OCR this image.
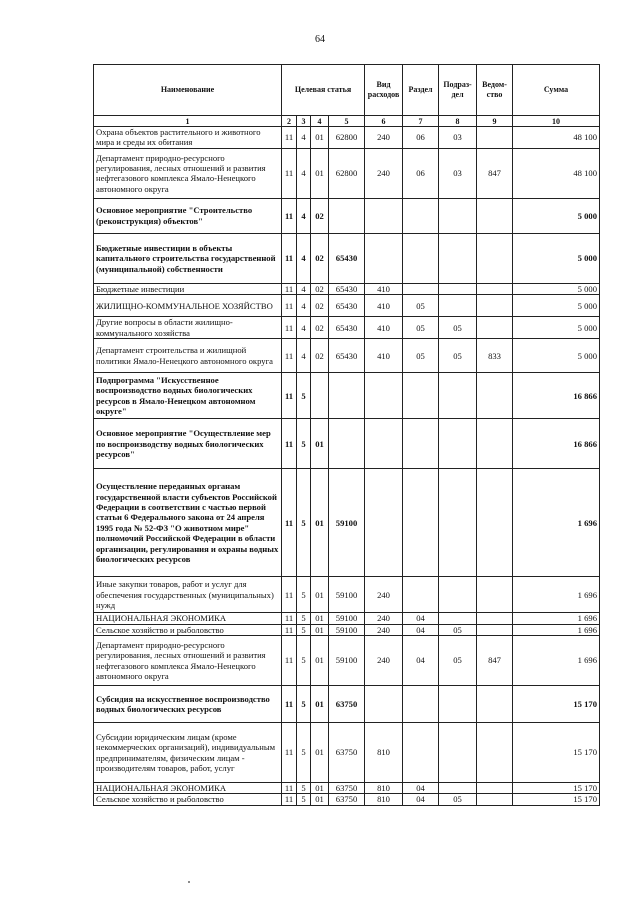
64
Наименование	Целевая статья				Вид расходов	Раздел	Подраз-дел	Ведом-ство	Сумма
1	2	3	4	5	6	7	8	9	10
Охрана объектов растительного и животного мира и среды их обитания	11	4	01	62800	240	06	03		48 100
Департамент природно-ресурсного регулирования, лесных отношений и развития нефтегазового комплекса Ямало-Ненецкого автономного округа	11	4	01	62800	240	06	03	847	48 100
Основное мероприятие "Строительство (реконструкция) объектов"	11	4	02						5 000
Бюджетные инвестиции в объекты капитального строительства государственной (муниципальной) собственности	11	4	02	65430					5 000
Бюджетные инвестиции	11	4	02	65430	410				5 000
ЖИЛИЩНО-КОММУНАЛЬНОЕ ХОЗЯЙСТВО	11	4	02	65430	410	05			5 000
Другие вопросы в области жилищно-коммунального хозяйства	11	4	02	65430	410	05	05		5 000
Департамент строительства и жилищной политики Ямало-Ненецкого автономного округа	11	4	02	65430	410	05	05	833	5 000
Подпрограмма "Искусственное воспроизводство водных биологических ресурсов в Ямало-Ненецком автономном округе"	11	5							16 866
Основное мероприятие "Осуществление мер по воспроизводству водных биологических ресурсов"	11	5	01						16 866
Осуществление переданных органам государственной власти субъектов Российской Федерации в соответствии с частью первой статьи 6 Федерального закона от 24 апреля 1995 года № 52-ФЗ "О животном мире" полномочий Российской Федерации в области организации, регулирования и охраны водных биологических ресурсов	11	5	01	59100					1 696
Иные закупки товаров, работ и услуг для обеспечения государственных (муниципальных) нужд	11	5	01	59100	240				1 696
НАЦИОНАЛЬНАЯ ЭКОНОМИКА	11	5	01	59100	240	04			1 696
Сельское хозяйство и рыболовство	11	5	01	59100	240	04	05		1 696
Департамент природно-ресурсного регулирования, лесных отношений и развития нефтегазового комплекса Ямало-Ненецкого автономного округа	11	5	01	59100	240	04	05	847	1 696
Субсидия на искусственное воспроизводство водных биологических ресурсов	11	5	01	63750					15 170
Субсидии юридическим лицам (кроме некоммерческих организаций), индивидуальным предпринимателям, физическим лицам - производителям товаров, работ, услуг	11	5	01	63750	810				15 170
НАЦИОНАЛЬНАЯ ЭКОНОМИКА	11	5	01	63750	810	04			15 170
Сельское хозяйство и рыболовство	11	5	01	63750	810	04	05		15 170
